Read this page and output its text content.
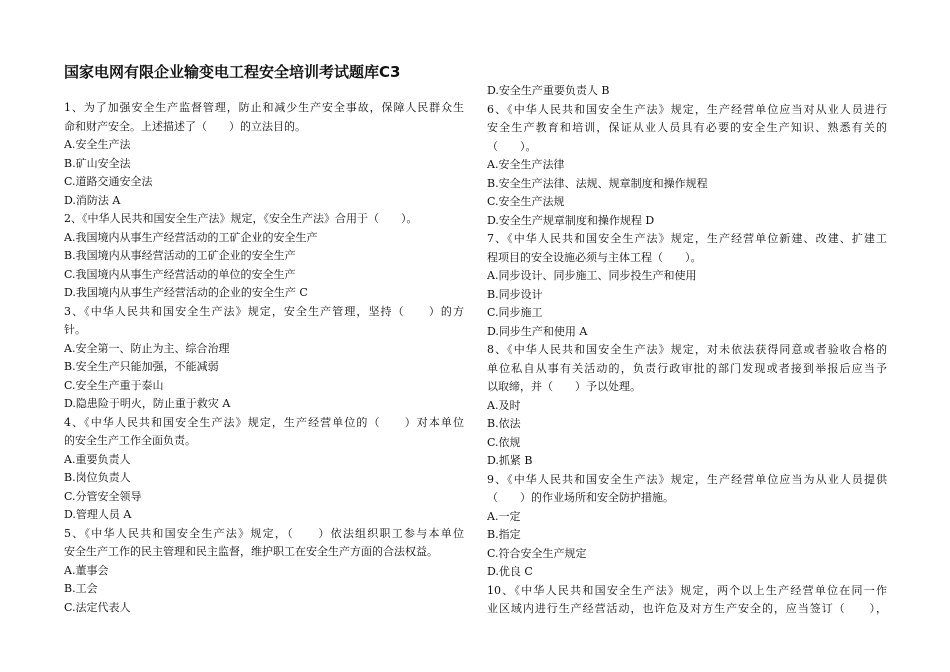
国家电网有限企业输变电工程安全培训考试题库C3
1、为了加强安全生产监督管理，防止和减少生产安全事故，保障人民群众生
命和财产安全。上述描述了（　　）的立法目的。
A.安全生产法
B.矿山安全法
C.道路交通安全法
D.消防法 A
2、《中华人民共和国安全生产法》规定，《安全生产法》合用于（　　）。
A.我国境内从事生产经营活动的工矿企业的安全生产
B.我国境内从事经营活动的工矿企业的安全生产
C.我国境内从事生产经营活动的单位的安全生产
D.我国境内从事生产经营活动的企业的安全生产 C
3、《中华人民共和国安全生产法》规定，安全生产管理，坚持（　　）的方
针。
A.安全第一、防止为主、综合治理
B.安全生产只能加强，不能减弱
C.安全生产重于泰山
D.隐患险于明火，防止重于救灾 A
4、《中华人民共和国安全生产法》规定，生产经营单位的（　　）对本单位
的安全生产工作全面负责。
A.重要负责人
B.岗位负责人
C.分管安全领导
D.管理人员 A
5、《中华人民共和国安全生产法》规定，（　　）依法组织职工参与本单位
安全生产工作的民主管理和民主监督，维护职工在安全生产方面的合法权益。
A.董事会
B.工会
C.法定代表人
D.安全生产重要负责人 B
6、《中华人民共和国安全生产法》规定，生产经营单位应当对从业人员进行
安全生产教育和培训，保证从业人员具有必要的安全生产知识、熟悉有关的
（　　）。
A.安全生产法律
B.安全生产法律、法规、规章制度和操作规程
C.安全生产法规
D.安全生产规章制度和操作规程 D
7、《中华人民共和国安全生产法》规定，生产经营单位新建、改建、扩建工
程项目的安全设施必须与主体工程（　　）。
A.同步设计、同步施工、同步投生产和使用
B.同步设计
C.同步施工
D.同步生产和使用 A
8、《中华人民共和国安全生产法》规定，对未依法获得同意或者验收合格的
单位私自从事有关活动的，负责行政审批的部门发现或者接到举报后应当予
以取缔，并（　　）予以处理。
A.及时
B.依法
C.依规
D.抓紧 B
9、《中华人民共和国安全生产法》规定，生产经营单位应当为从业人员提供
（　　）的作业场所和安全防护措施。
A.一定
B.指定
C.符合安全生产规定
D.优良 C
10、《中华人民共和国安全生产法》规定，两个以上生产经营单位在同一作
业区域内进行生产经营活动，也许危及对方生产安全的，应当签订（　　），
